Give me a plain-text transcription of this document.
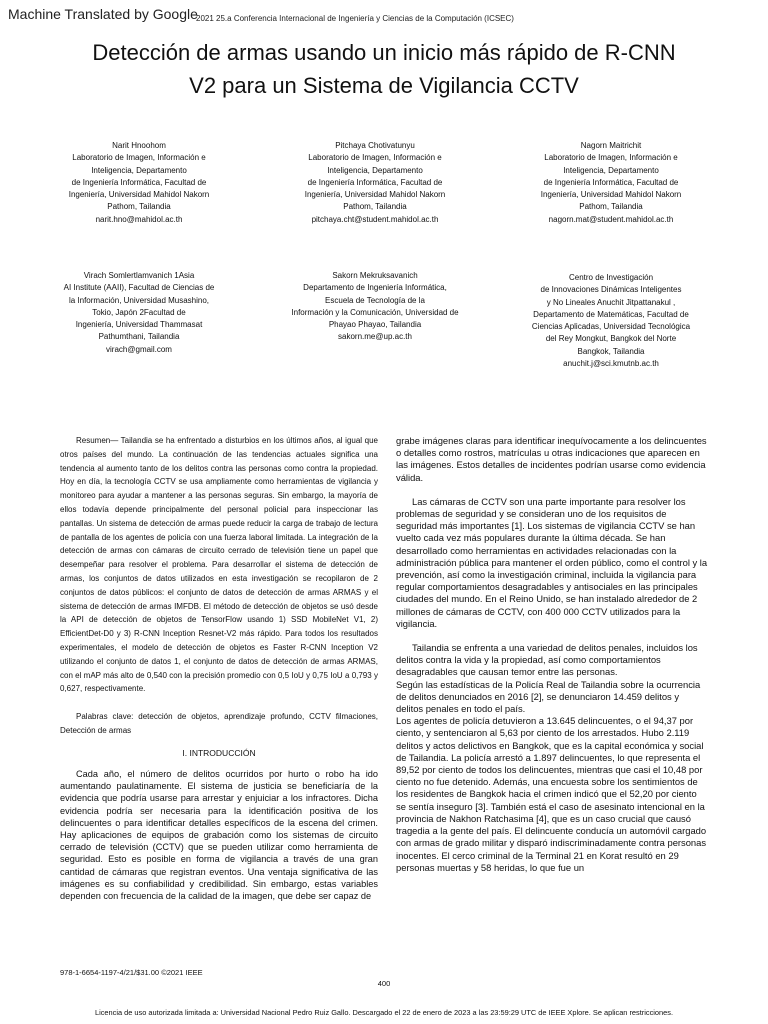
Machine Translated by Google
2021 25.a Conferencia Internacional de Ingeniería y Ciencias de la Computación (ICSEC)
Detección de armas usando un inicio más rápido de R-CNN
V2 para un Sistema de Vigilancia CCTV
Narit Hnoohom
Laboratorio de Imagen, Información e
Inteligencia, Departamento
de Ingeniería Informática, Facultad de
Ingeniería, Universidad Mahidol Nakorn
Pathom, Tailandia
narit.hno@mahidol.ac.th
Pitchaya Chotivatunyu
Laboratorio de Imagen, Información e
Inteligencia, Departamento
de Ingeniería Informática, Facultad de
Ingeniería, Universidad Mahidol Nakorn
Pathom, Tailandia
pitchaya.cht@student.mahidol.ac.th
Nagorn Maitrichit
Laboratorio de Imagen, Información e
Inteligencia, Departamento
de Ingeniería Informática, Facultad de
Ingeniería, Universidad Mahidol Nakorn
Pathom, Tailandia
nagorn.mat@student.mahidol.ac.th
Virach Somlertlamvanich 1Asia
AI Institute (AAII), Facultad de Ciencias de
la Información, Universidad Musashino,
Tokio, Japón 2Facultad de
Ingeniería, Universidad Thammasat
Pathumthani, Tailandia
virach@gmail.com
Sakorn Mekruksavanich
Departamento de Ingeniería Informática,
Escuela de Tecnología de la
Información y la Comunicación, Universidad de
Phayao Phayao, Tailandia
sakorn.me@up.ac.th
Centro de Investigación
de Innovaciones Dinámicas Inteligentes
y No Lineales Anuchit Jitpattanakul ,
Departamento de Matemáticas, Facultad de
Ciencias Aplicadas, Universidad Tecnológica
del Rey Mongkut, Bangkok del Norte
Bangkok, Tailandia
anuchit.j@sci.kmutnb.ac.th

Resumen— Tailandia se ha enfrentado a disturbios en los últimos años, al igual que otros países del mundo. La continuación de las tendencias actuales significa una tendencia al aumento tanto de los delitos contra las personas como contra la propiedad. Hoy en día, la tecnología CCTV se usa ampliamente como herramientas de vigilancia y monitoreo para ayudar a mantener a las personas seguras. Sin embargo, la mayoría de ellos todavía depende principalmente del personal policial para inspeccionar las pantallas. Un sistema de detección de armas puede reducir la carga de trabajo de lectura de pantalla de los agentes de policía con una fuerza laboral limitada. La integración de la detección de armas con cámaras de circuito cerrado de televisión tiene un papel que desempeñar para resolver el problema. Para desarrollar el sistema de detección de armas, los conjuntos de datos utilizados en esta investigación se recopilaron de 2 conjuntos de datos públicos: el conjunto de datos de detección de armas ARMAS y el sistema de detección de armas IMFDB. El método de detección de objetos se usó desde la API de detección de objetos de TensorFlow usando 1) SSD MobileNet V1, 2) EfficientDet-D0 y 3) R-CNN Inception Resnet-V2 más rápido. Para todos los resultados experimentales, el modelo de detección de objetos es Faster R-CNN Inception V2 utilizando el conjunto de datos 1, el conjunto de datos de detección de armas ARMAS, con el mAP más alto de 0,540 con la precisión promedio con 0,5 IoU y 0,75 IoU a 0,793 y 0,627, respectivamente.

Palabras clave: detección de objetos, aprendizaje profundo, CCTV filmaciones, Detección de armas

I. INTRODUCCIÓN

Cada año, el número de delitos ocurridos por hurto o robo ha ido aumentando paulatinamente. El sistema de justicia se beneficiaría de la evidencia que podría usarse para arrestar y enjuiciar a los infractores. Dicha evidencia podría ser necesaria para la identificación positiva de los delincuentes o para identificar detalles específicos de la escena del crimen. Hay aplicaciones de equipos de grabación como los sistemas de circuito cerrado de televisión (CCTV) que se pueden utilizar como herramienta de seguridad. Esto es posible en forma de vigilancia a través de una gran cantidad de cámaras que registran eventos. Una ventaja significativa de las imágenes es su confiabilidad y credibilidad. Sin embargo, estas variables dependen con frecuencia de la calidad de la imagen, que debe ser capaz de

grabe imágenes claras para identificar inequívocamente a los delincuentes o detalles como rostros, matrículas u otras indicaciones que aparecen en las imágenes. Estos detalles de incidentes podrían usarse como evidencia válida.

Las cámaras de CCTV son una parte importante para resolver los problemas de seguridad y se consideran uno de los requisitos de seguridad más importantes [1]. Los sistemas de vigilancia CCTV se han vuelto cada vez más populares durante la última década. Se han desarrollado como herramientas en actividades relacionadas con la administración pública para mantener el orden público, como el control y la prevención, así como la investigación criminal, incluida la vigilancia para regular comportamientos desagradables y antisociales en las principales ciudades del mundo. En el Reino Unido, se han instalado alrededor de 2 millones de cámaras de CCTV, con 400 000 CCTV utilizados para la vigilancia.

Tailandia se enfrenta a una variedad de delitos penales, incluidos los delitos contra la vida y la propiedad, así como comportamientos desagradables que causan temor entre las personas.

Según las estadísticas de la Policía Real de Tailandia sobre la ocurrencia de delitos denunciados en 2016 [2], se denunciaron 14.459 delitos y delitos penales en todo el país.

Los agentes de policía detuvieron a 13.645 delincuentes, o el 94,37 por ciento, y sentenciaron al 5,63 por ciento de los arrestados. Hubo 2.119 delitos y actos delictivos en Bangkok, que es la capital económica y social de Tailandia. La policía arrestó a 1.897 delincuentes, lo que representa el 89,52 por ciento de todos los delincuentes, mientras que casi el 10,48 por ciento no fue detenido. Además, una encuesta sobre los sentimientos de los residentes de Bangkok hacia el crimen indicó que el 52,20 por ciento se sentía inseguro [3]. También está el caso de asesinato intencional en la provincia de Nakhon Ratchasima [4], que es un caso crucial que causó tragedia a la gente del país. El delincuente conducía un automóvil cargado con armas de grado militar y disparó indiscriminadamente contra personas inocentes. El cerco criminal de la Terminal 21 en Korat resultó en 29 personas muertas y 58 heridas, lo que fue un

978-1-6654-1197-4/21/$31.00 ©2021 IEEE
400
Licencia de uso autorizada limitada a: Universidad Nacional Pedro Ruiz Gallo. Descargado el 22 de enero de 2023 a las 23:59:29 UTC de IEEE Xplore. Se aplican restricciones.
